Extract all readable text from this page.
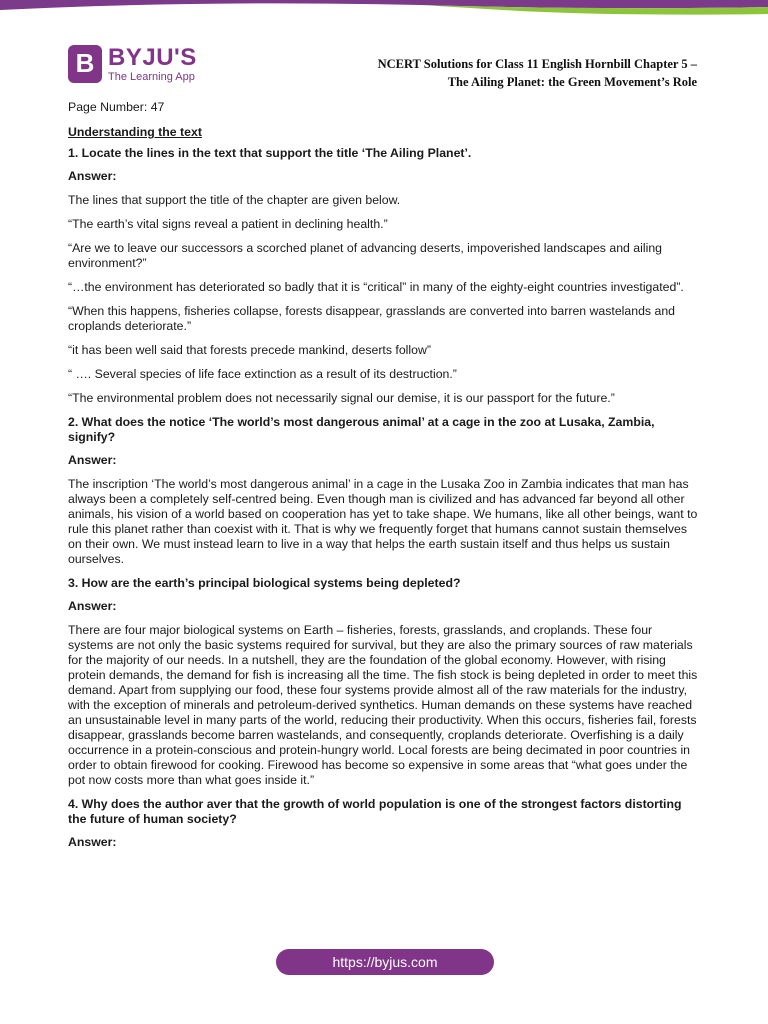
B BYJU'S
The Learning App
NCERT Solutions for Class 11 English Hornbill Chapter 5 –
The Ailing Planet: the Green Movement’s Role

Page Number: 47

Understanding the text

1. Locate the lines in the text that support the title ‘The Ailing Planet’.

Answer:

The lines that support the title of the chapter are given below.

“The earth’s vital signs reveal a patient in declining health.”

“Are we to leave our successors a scorched planet of advancing deserts, impoverished landscapes and ailing environment?”

“…the environment has deteriorated so badly that it is “critical” in many of the eighty-eight countries investigated”.

“When this happens, fisheries collapse, forests disappear, grasslands are converted into barren wastelands and croplands deteriorate.”

“it has been well said that forests precede mankind, deserts follow”

“ …. Several species of life face extinction as a result of its destruction.”

“The environmental problem does not necessarily signal our demise, it is our passport for the future.”

2. What does the notice ‘The world’s most dangerous animal’ at a cage in the zoo at Lusaka, Zambia, signify?

Answer:

The inscription ‘The world’s most dangerous animal’ in a cage in the Lusaka Zoo in Zambia indicates that man has always been a completely self-centred being. Even though man is civilized and has advanced far beyond all other animals, his vision of a world based on cooperation has yet to take shape. We humans, like all other beings, want to rule this planet rather than coexist with it. That is why we frequently forget that humans cannot sustain themselves on their own. We must instead learn to live in a way that helps the earth sustain itself and thus helps us sustain ourselves.

3. How are the earth’s principal biological systems being depleted?

Answer:

There are four major biological systems on Earth – fisheries, forests, grasslands, and croplands. These four systems are not only the basic systems required for survival, but they are also the primary sources of raw materials for the majority of our needs. In a nutshell, they are the foundation of the global economy. However, with rising protein demands, the demand for fish is increasing all the time. The fish stock is being depleted in order to meet this demand. Apart from supplying our food, these four systems provide almost all of the raw materials for the industry, with the exception of minerals and petroleum-derived synthetics. Human demands on these systems have reached an unsustainable level in many parts of the world, reducing their productivity. When this occurs, fisheries fail, forests disappear, grasslands become barren wastelands, and consequently, croplands deteriorate. Overfishing is a daily occurrence in a protein-conscious and protein-hungry world. Local forests are being decimated in poor countries in order to obtain firewood for cooking. Firewood has become so expensive in some areas that “what goes under the pot now costs more than what goes inside it.”

4. Why does the author aver that the growth of world population is one of the strongest factors distorting the future of human society?

Answer:

https://byjus.com
